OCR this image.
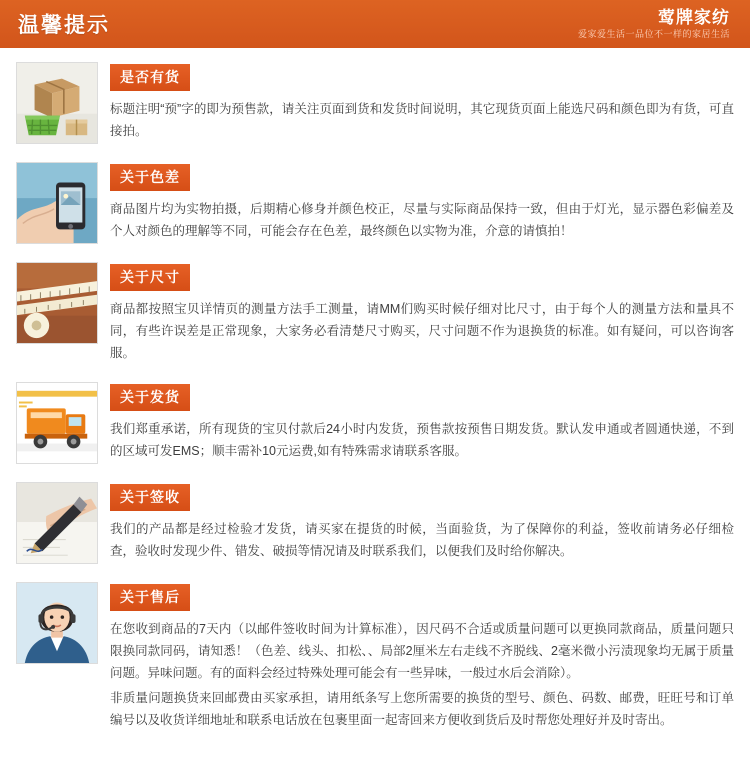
温馨提示	莺牌家纺
爱家爱生活一品位不一样的家居生活
是否有货
标题注明“预”字的即为预售款，请关注页面到货和发货时间说明，其它现货页面上能选尺码和颜色即为有货，可直接拍。
关于色差
商品图片均为实物拍摄，后期精心修身并颜色校正，尽量与实际商品保持一致，但由于灯光，显示器色彩偏差及个人对颜色的理解等不同，可能会存在色差，最终颜色以实物为准，介意的请慎拍！
关于尺寸
商品都按照宝贝详情页的测量方法手工测量，请MM们购买时候仔细对比尺寸，由于每个人的测量方法和量具不同，有些许误差是正常现象，大家务必看清楚尺寸购买，尺寸问题不作为退换货的标准。如有疑问，可以咨询客服。
关于发货
我们郑重承诺，所有现货的宝贝付款后24小时内发货，预售款按预售日期发货。默认发申通或者圆通快递，不到的区域可发EMS；顺丰需补10元运费,如有特殊需求请联系客服。
关于签收
我们的产品都是经过检验才发货，请买家在提货的时候，当面验货，为了保障你的利益，签收前请务必仔细检查，验收时发现少件、错发、破损等情况请及时联系我们，以便我们及时给你解决。
关于售后
在您收到商品的7天内（以邮件签收时间为计算标准），因尺码不合适或质量问题可以更换同款商品，质量问题只限换同款同码，请知悉！（色差、线头、扣松、、局部2厘米左右走线不齐脱线、2毫米微小污渍现象均无属于质量问题。异味问题。有的面料会经过特殊处理可能会有一些异味，一般过水后会消除）。
非质量问题换货来回邮费由买家承担，请用纸条写上您所需要的换货的型号、颜色、码数、邮费，旺旺号和订单编号以及收货详细地址和联系电话放在包裹里面一起寄回来方便收到货后及时帮您处理好并及时寄出。
